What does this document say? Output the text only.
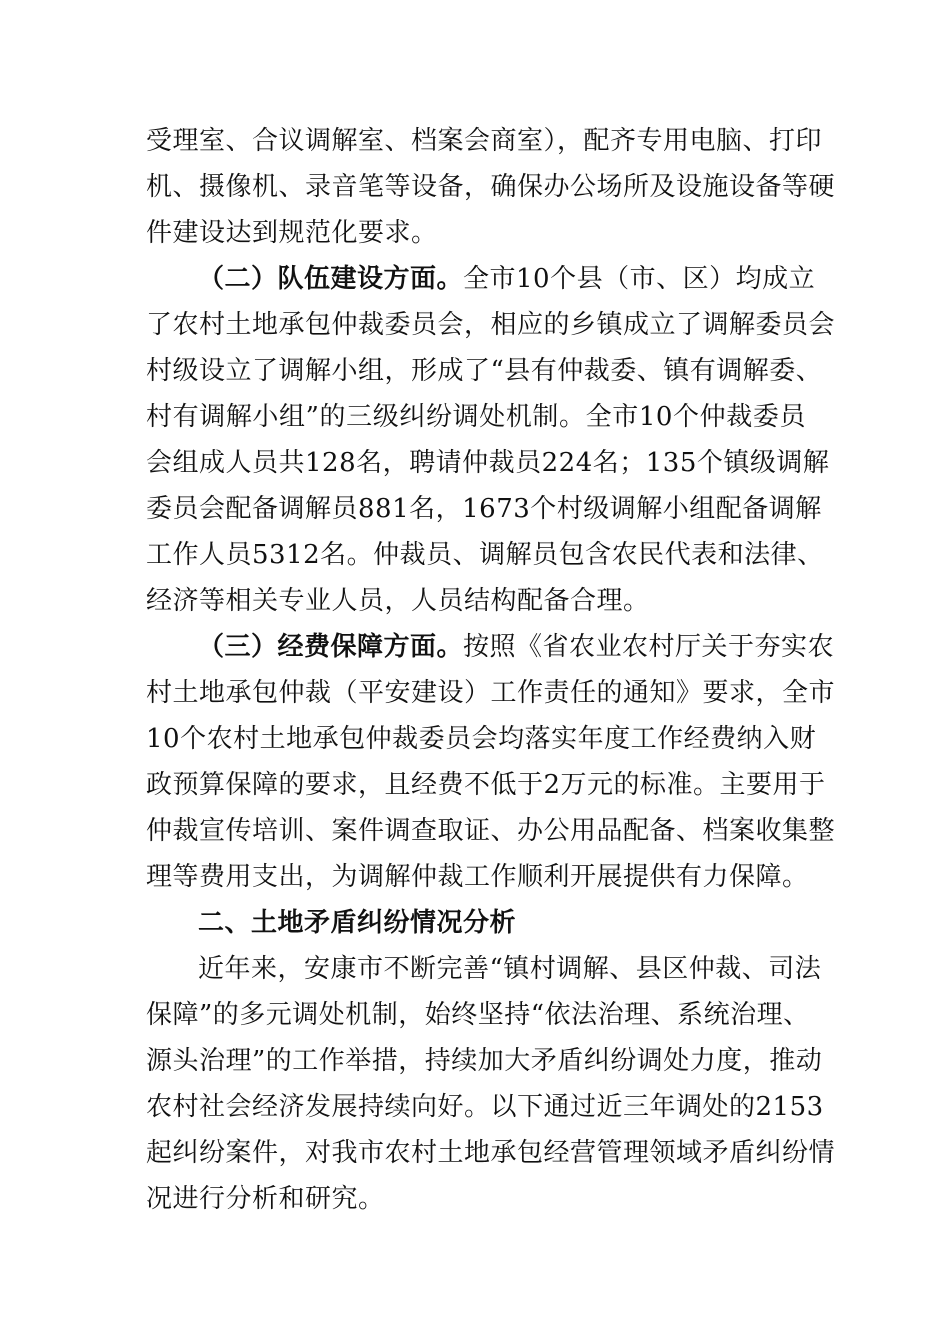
受理室、合议调解室、档案会商室），配齐专用电脑、打印
机、摄像机、录音笔等设备，确保办公场所及设施设备等硬
件建设达到规范化要求。
（二）队伍建设方面。全市10个县（市、区）均成立
了农村土地承包仲裁委员会，相应的乡镇成立了调解委员会
村级设立了调解小组，形成了“县有仲裁委、镇有调解委、
村有调解小组”的三级纠纷调处机制。全市10个仲裁委员
会组成人员共128名，聘请仲裁员224名；135个镇级调解
委员会配备调解员881名，1673个村级调解小组配备调解
工作人员5312名。仲裁员、调解员包含农民代表和法律、
经济等相关专业人员，人员结构配备合理。
（三）经费保障方面。按照《省农业农村厅关于夯实农
村土地承包仲裁（平安建设）工作责任的通知》要求，全市
10个农村土地承包仲裁委员会均落实年度工作经费纳入财
政预算保障的要求，且经费不低于2万元的标准。主要用于
仲裁宣传培训、案件调查取证、办公用品配备、档案收集整
理等费用支出，为调解仲裁工作顺利开展提供有力保障。
二、土地矛盾纠纷情况分析
近年来，安康市不断完善“镇村调解、县区仲裁、司法
保障”的多元调处机制，始终坚持“依法治理、系统治理、
源头治理”的工作举措，持续加大矛盾纠纷调处力度，推动
农村社会经济发展持续向好。以下通过近三年调处的2153
起纠纷案件，对我市农村土地承包经营管理领域矛盾纠纷情
况进行分析和研究。
